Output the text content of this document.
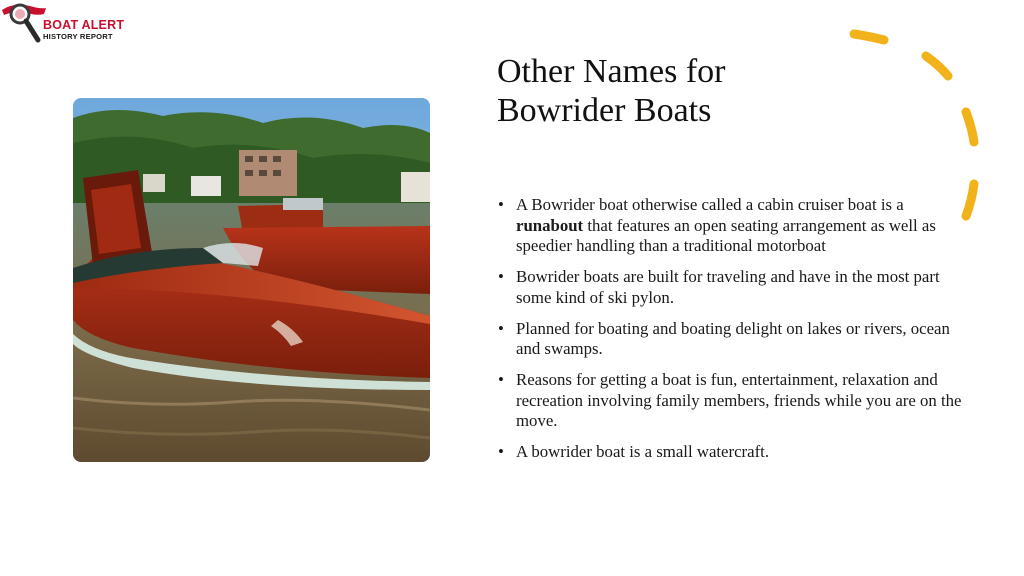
BOAT ALERT
HISTORY REPORT
Other Names for Bowrider Boats
• A Bowrider boat otherwise called a cabin cruiser boat is a runabout that features an open seating arrangement as well as speedier handling than a traditional motorboat
• Bowrider boats are built for traveling and have in the most part some kind of ski pylon.
• Planned for boating and boating delight on lakes or rivers, ocean and swamps.
• Reasons for getting a boat is fun, entertainment, relaxation and recreation involving family members, friends while you are on the move.
• A bowrider boat is a small watercraft.
